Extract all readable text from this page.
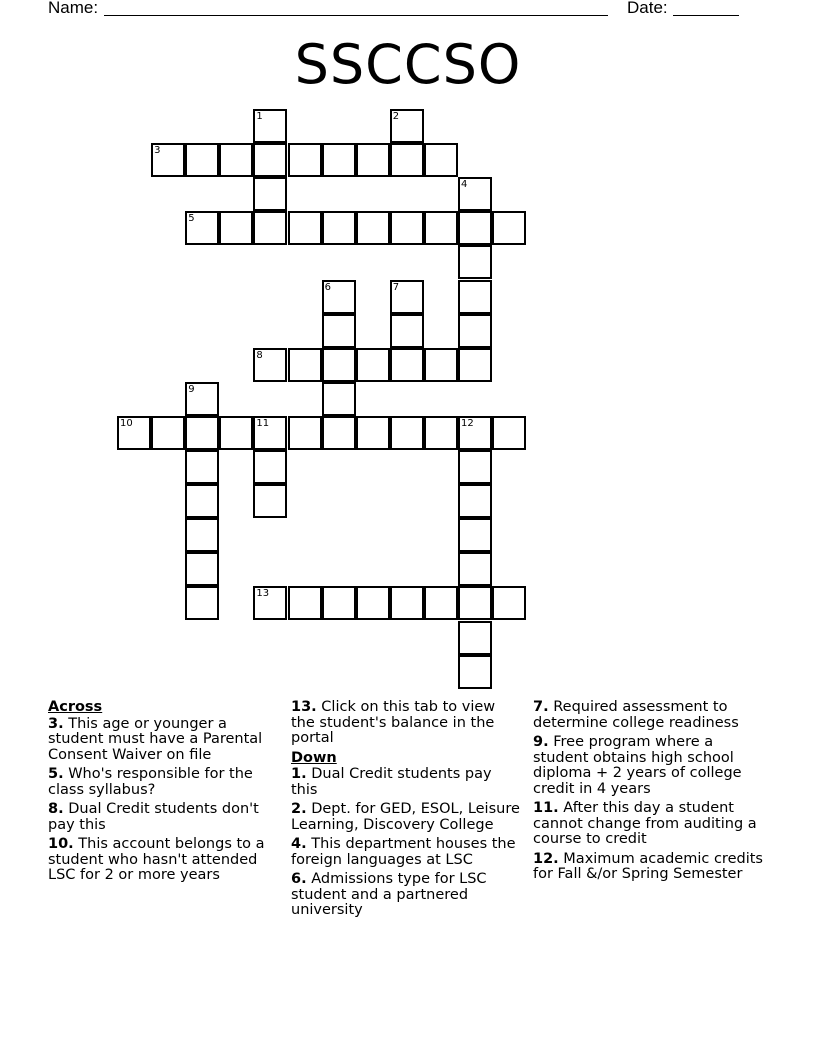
Name:	Date:
SSCCSO
1	2
3
4
5
6	7
8
9
10	11	12
13
Across
3. This age or younger a student must have a Parental Consent Waiver on file
5. Who's responsible for the class syllabus?
8. Dual Credit students don't pay this
10. This account belongs to a student who hasn't attended LSC for 2 or more years
13. Click on this tab to view the student's balance in the portal
Down
1. Dual Credit students pay this
2. Dept. for GED, ESOL, Leisure Learning, Discovery College
4. This department houses the foreign languages at LSC
6. Admissions type for LSC student and a partnered university
7. Required assessment to determine college readiness
9. Free program where a student obtains high school diploma + 2 years of college credit in 4 years
11. After this day a student cannot change from auditing a course to credit
12. Maximum academic credits for Fall &/or Spring Semester
